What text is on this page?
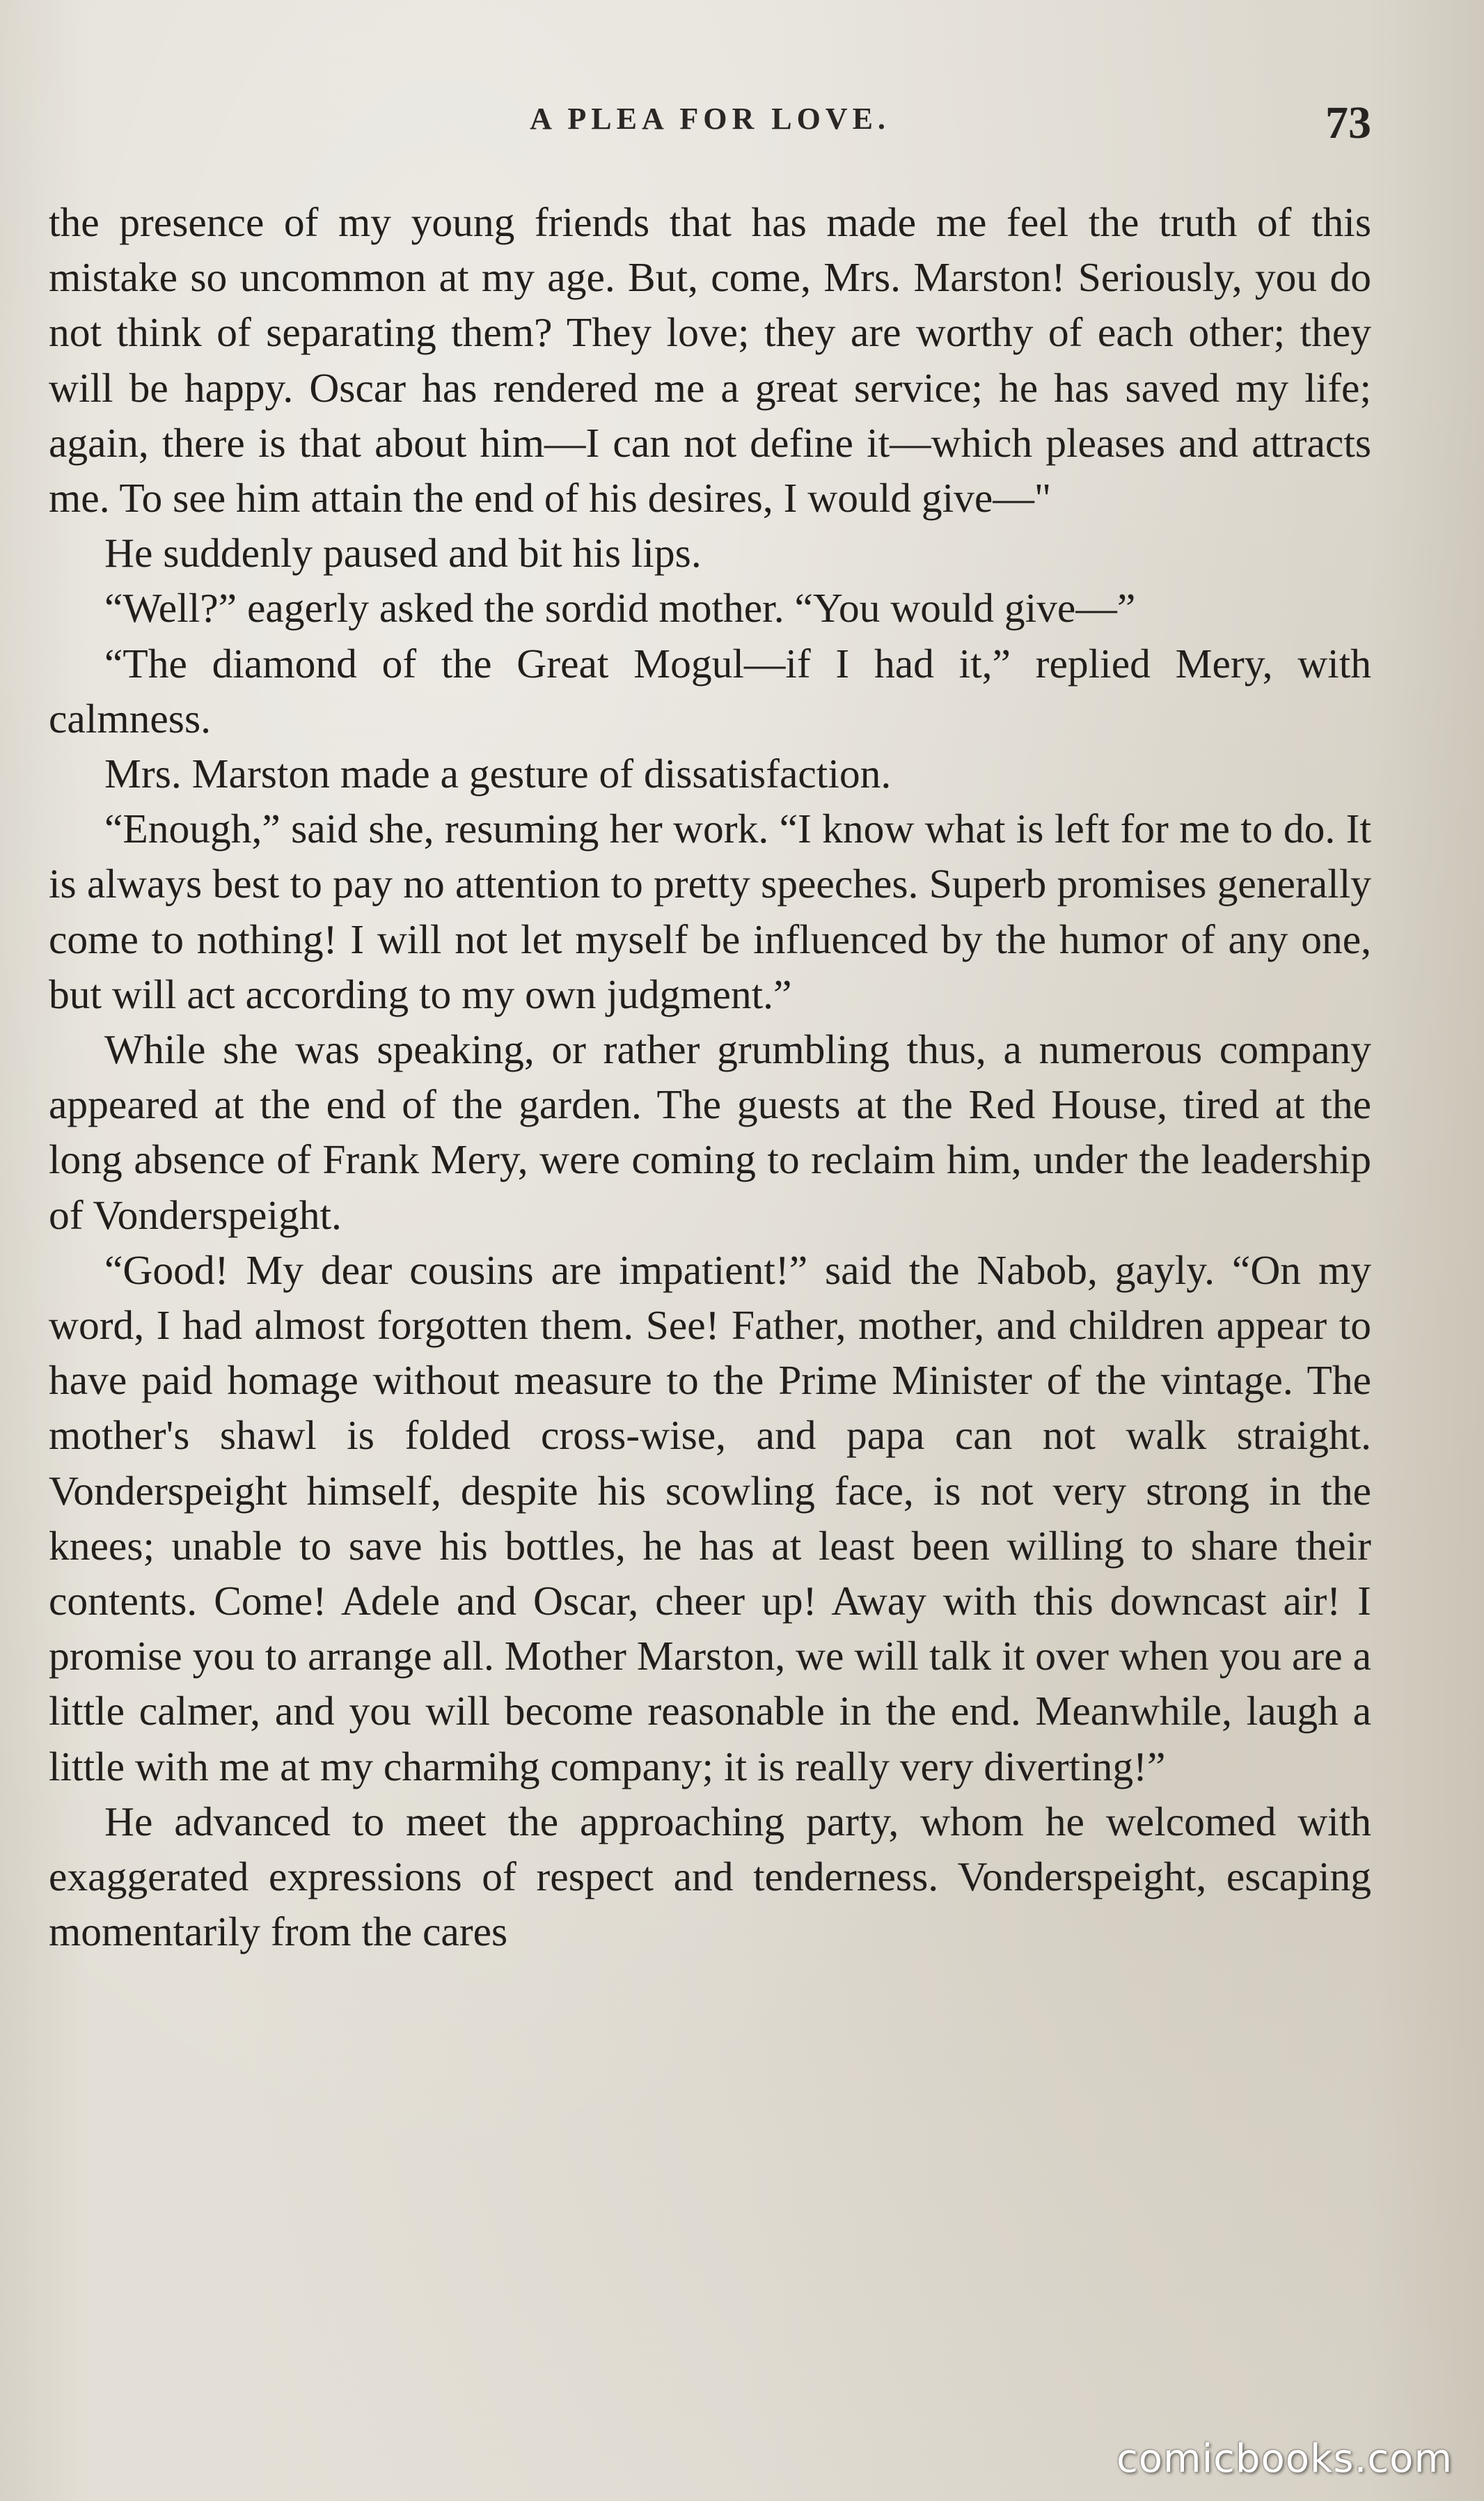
A PLEA FOR LOVE.	73

the presence of my young friends that has made me feel the truth of this mistake so uncommon at my age. But, come, Mrs. Marston! Seriously, you do not think of separating them? They love; they are worthy of each other; they will be happy. Oscar has rendered me a great service; he has saved my life; again, there is that about him—I can not define it—which pleases and attracts me. To see him attain the end of his desires, I would give—"

He suddenly paused and bit his lips.

“Well?” eagerly asked the sordid mother. “You would give—”

“The diamond of the Great Mogul—if I had it,” replied Mery, with calmness.

Mrs. Marston made a gesture of dissatisfaction.

“Enough,” said she, resuming her work. “I know what is left for me to do. It is always best to pay no attention to pretty speeches. Superb promises generally come to nothing! I will not let myself be influenced by the humor of any one, but will act according to my own judgment.”

While she was speaking, or rather grumbling thus, a numerous company appeared at the end of the garden. The guests at the Red House, tired at the long absence of Frank Mery, were coming to reclaim him, under the leadership of Vonderspeight.

“Good! My dear cousins are impatient!” said the Nabob, gayly. “On my word, I had almost forgotten them. See! Father, mother, and children appear to have paid homage without measure to the Prime Minister of the vintage. The mother's shawl is folded cross-wise, and papa can not walk straight. Vonderspeight himself, despite his scowling face, is not very strong in the knees; unable to save his bottles, he has at least been willing to share their contents. Come! Adele and Oscar, cheer up! Away with this downcast air! I promise you to arrange all. Mother Marston, we will talk it over when you are a little calmer, and you will become reasonable in the end. Meanwhile, laugh a little with me at my charmihg company; it is really very diverting!”

He advanced to meet the approaching party, whom he welcomed with exaggerated expressions of respect and tenderness. Vonderspeight, escaping momentarily from the cares

comicbooks.com
